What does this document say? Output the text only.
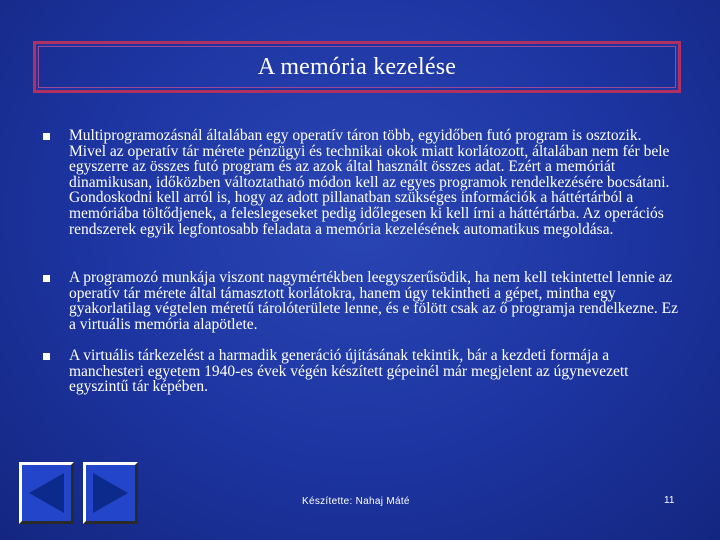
A memória kezelése
Multiprogramozásnál általában egy operatív táron több, egyidőben futó program is osztozik. Mivel az operatív tár mérete pénzügyi és technikai okok miatt korlátozott, általában nem fér bele egyszerre az összes futó program és az azok által használt összes adat. Ezért a memóriát dinamikusan, időközben változtatható módon kell az egyes programok rendelkezésére bocsátani. Gondoskodni kell arról is, hogy az adott pillanatban szükséges információk a háttértárból a memóriába töltődjenek, a feleslegeseket pedig időlegesen ki kell írni a háttértárba. Az operációs rendszerek egyik legfontosabb feladata a memória kezelésének automatikus megoldása.
A programozó munkája viszont nagymértékben leegyszerűsödik, ha nem kell tekintettel lennie az operatív tár mérete által támasztott korlátokra, hanem úgy tekintheti a gépet, mintha egy gyakorlatilag végtelen méretű tárolóterülete lenne, és e fölött csak az ő programja rendelkezne. Ez a virtuális memória alapötlete.
A virtuális tárkezelést a harmadik generáció újításának tekintik, bár a kezdeti formája a manchesteri egyetem 1940-es évek végén készített gépeinél már megjelent az úgynevezett egyszintű tár képében.
Készítette: Nahaj Máté	11
